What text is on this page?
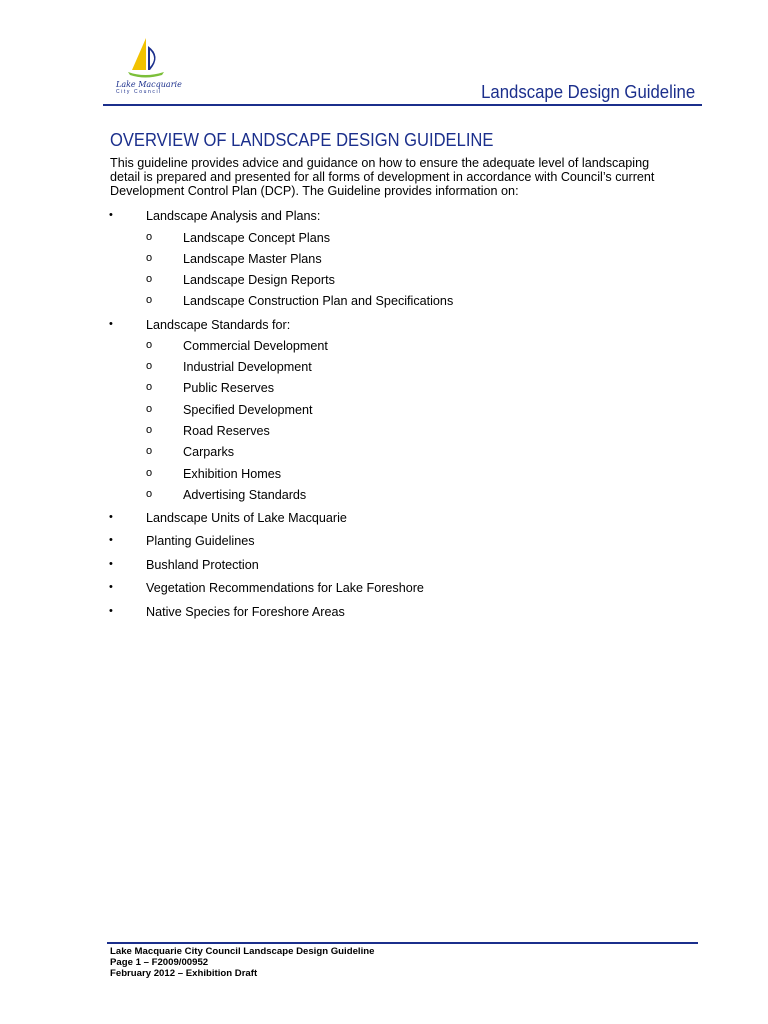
Lake Macquarie
City Council	Landscape Design Guideline
OVERVIEW OF LANDSCAPE DESIGN GUIDELINE
This guideline provides advice and guidance on how to ensure the adequate level of landscaping detail is prepared and presented for all forms of development in accordance with Council’s current Development Control Plan (DCP). The Guideline provides information on:
•	Landscape Analysis and Plans:
o Landscape Concept Plans
o Landscape Master Plans
o Landscape Design Reports
o Landscape Construction Plan and Specifications
•	Landscape Standards for:
o Commercial Development
o Industrial Development
o Public Reserves
o Specified Development
o Road Reserves
o Carparks
o Exhibition Homes
o Advertising Standards
•	Landscape Units of Lake Macquarie
•	Planting Guidelines
•	Bushland Protection
•	Vegetation Recommendations for Lake Foreshore
•	Native Species for Foreshore Areas
Lake Macquarie City Council Landscape Design Guideline
Page 1 – F2009/00952
February 2012 – Exhibition Draft
